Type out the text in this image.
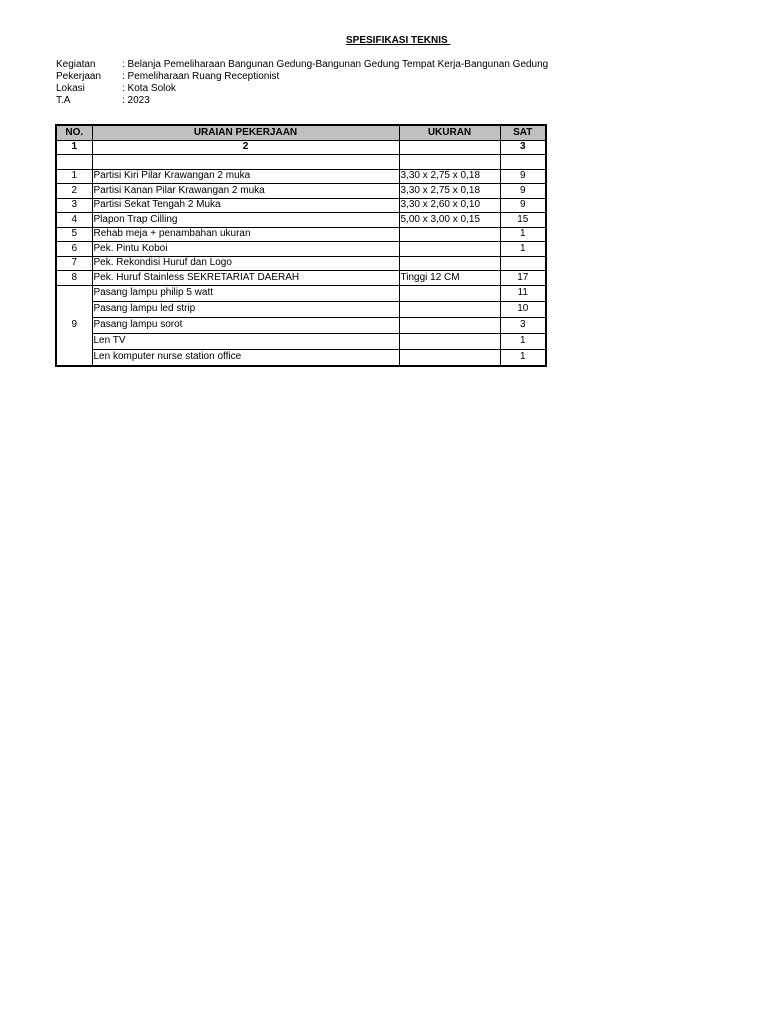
SPESIFIKASI TEKNIS
Kegiatan	: Belanja Pemeliharaan Bangunan Gedung-Bangunan Gedung Tempat Kerja-Bangunan Gedung
Pekerjaan : Pemeliharaan Ruang Receptionist
Lokasi	: Kota Solok
T.A	: 2023
NO.	URAIAN PEKERJAAN	UKURAN	SAT
1	2		3

1	Partisi Kiri Pilar Krawangan 2 muka	3,30 x 2,75 x 0,18	9
2	Partisi Kanan Pilar Krawangan 2 muka	3,30 x 2,75 x 0,18	9
3	Partisi Sekat Tengah 2 Muka	3,30 x 2,60 x 0,10	9
4	Plapon Trap Cilling	5,00 x 3,00 x 0,15	15
5	Rehab meja + penambahan ukuran		1
6	Pek. Pintu Koboi		1
7	Pek. Rekondisi Huruf dan Logo		
8	Pek. Huruf Stainless SEKRETARIAT DAERAH	Tinggi 12 CM	17
9	Pasang lampu philip 5 watt		11
	Pasang lampu led strip		10
	Pasang lampu sorot		3
	Len TV		1
	Len komputer nurse station office		1
